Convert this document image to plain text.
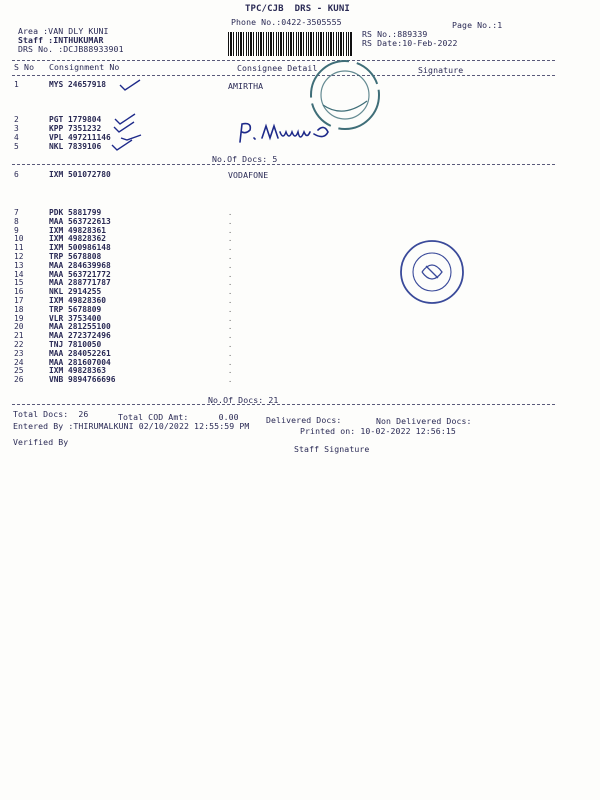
TPC/CJB  DRS - KUNI
Phone No.:0422-3505555	Page No.:1
Area :VAN DLY KUNI
Staff :INTHUKUMAR
DRS No. :DCJB88933901
RS No.:889339
RS Date:10-Feb-2022
S No Consignment No	Consignee Detail	Signature
1	MYS 24657918	AMIRTHA
2	PGT 1779804
3	KPP 7351232
4	VPL 497211146
5	NKL 7839106
No.Of Docs: 5
6	IXM 501072780	VODAFONE
7	PDK 5881799
8	MAA 563722613
9	IXM 49828361
10	IXM 49828362
11	IXM 500986148
12	TRP 5678808
13	MAA 284639968
14	MAA 563721772
15	MAA 288771787
16	NKL 2914255
17	IXM 49828360
18	TRP 5678809
19	VLR 3753400
20	MAA 281255100
21	MAA 272372496
22	TNJ 7810050
23	MAA 284052261
24	MAA 281607004
25	IXM 49828363
26	VNB 9894766696
.
.
.
.
.
.
.
.
.
.
.
.
.
.
.
.
.
.
.
.
No.Of Docs: 21
Total Docs:  26	Total COD Amt:      0.00	Delivered Docs:	Non Delivered Docs:
Entered By :THIRUMALKUNI 02/10/2022 12:55:59 PM	Printed on: 10-02-2022 12:56:15
Verified By
Staff Signature
